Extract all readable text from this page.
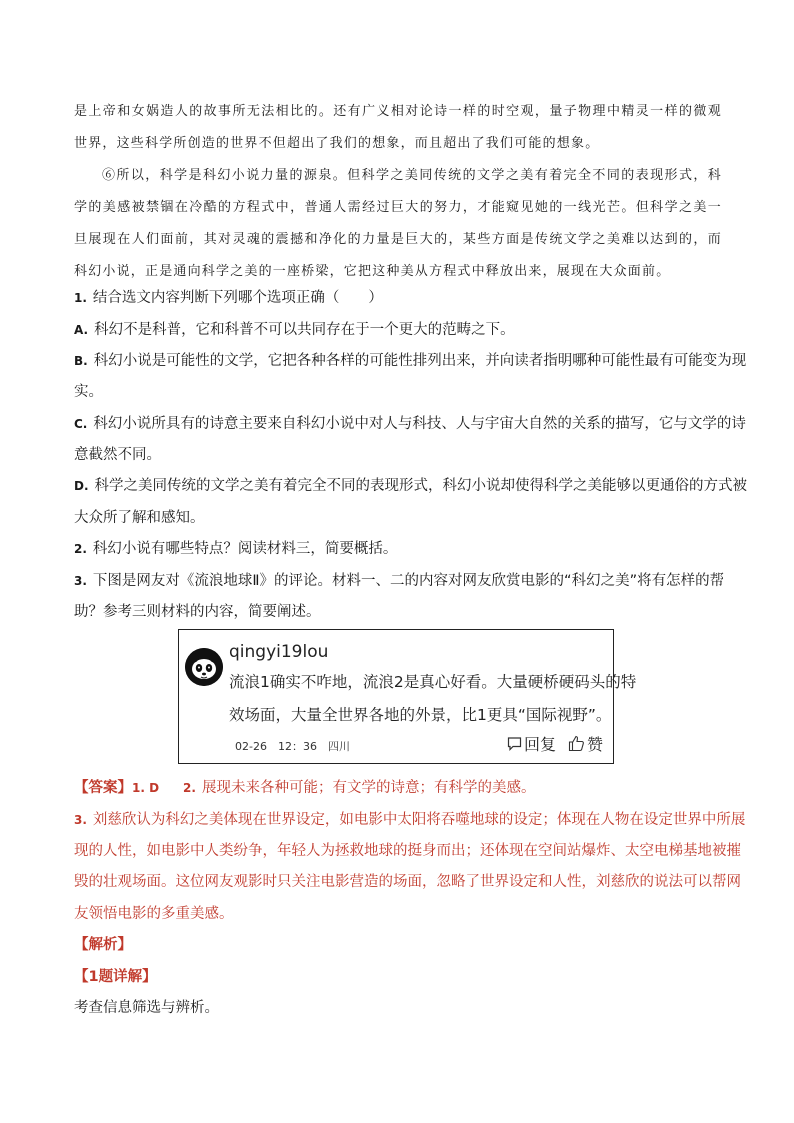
是上帝和女娲造人的故事所无法相比的。还有广义相对论诗一样的时空观，量子物理中精灵一样的微观世界，这些科学所创造的世界不但超出了我们的想象，而且超出了我们可能的想象。
⑥所以，科学是科幻小说力量的源泉。但科学之美同传统的文学之美有着完全不同的表现形式，科学的美感被禁锢在冷酷的方程式中，普通人需经过巨大的努力，才能窥见她的一线光芒。但科学之美一旦展现在人们面前，其对灵魂的震撼和净化的力量是巨大的，某些方面是传统文学之美难以达到的，而科幻小说，正是通向科学之美的一座桥梁，它把这种美从方程式中释放出来，展现在大众面前。
1. 结合选文内容判断下列哪个选项正确（　　）
A. 科幻不是科普，它和科普不可以共同存在于一个更大的范畴之下。
B. 科幻小说是可能性的文学，它把各种各样的可能性排列出来，并向读者指明哪种可能性最有可能变为现
实。
C. 科幻小说所具有的诗意主要来自科幻小说中对人与科技、人与宇宙大自然的关系的描写，它与文学的诗
意截然不同。
D. 科学之美同传统的文学之美有着完全不同的表现形式，科幻小说却使得科学之美能够以更通俗的方式被
大众所了解和感知。
2. 科幻小说有哪些特点？阅读材料三，简要概括。
3. 下图是网友对《流浪地球Ⅱ》的评论。材料一、二的内容对网友欣赏电影的“科幻之美”将有怎样的帮
助？参考三则材料的内容，简要阐述。
qingyi19lou
流浪1确实不咋地，流浪2是真心好看。大量硬桥硬码头的特
效场面，大量全世界各地的外景，比1更具“国际视野”。
02-26　12：36　四川	回复 赞
【答案】1. D 2. 展现未来各种可能；有文学的诗意；有科学的美感。
3. 刘慈欣认为科幻之美体现在世界设定，如电影中太阳将吞噬地球的设定；体现在人物在设定世界中所展
现的人性，如电影中人类纷争，年轻人为拯救地球的挺身而出；还体现在空间站爆炸、太空电梯基地被摧
毁的壮观场面。这位网友观影时只关注电影营造的场面，忽略了世界设定和人性，刘慈欣的说法可以帮网
友领悟电影的多重美感。
【解析】
【1题详解】
考查信息筛选与辨析。
